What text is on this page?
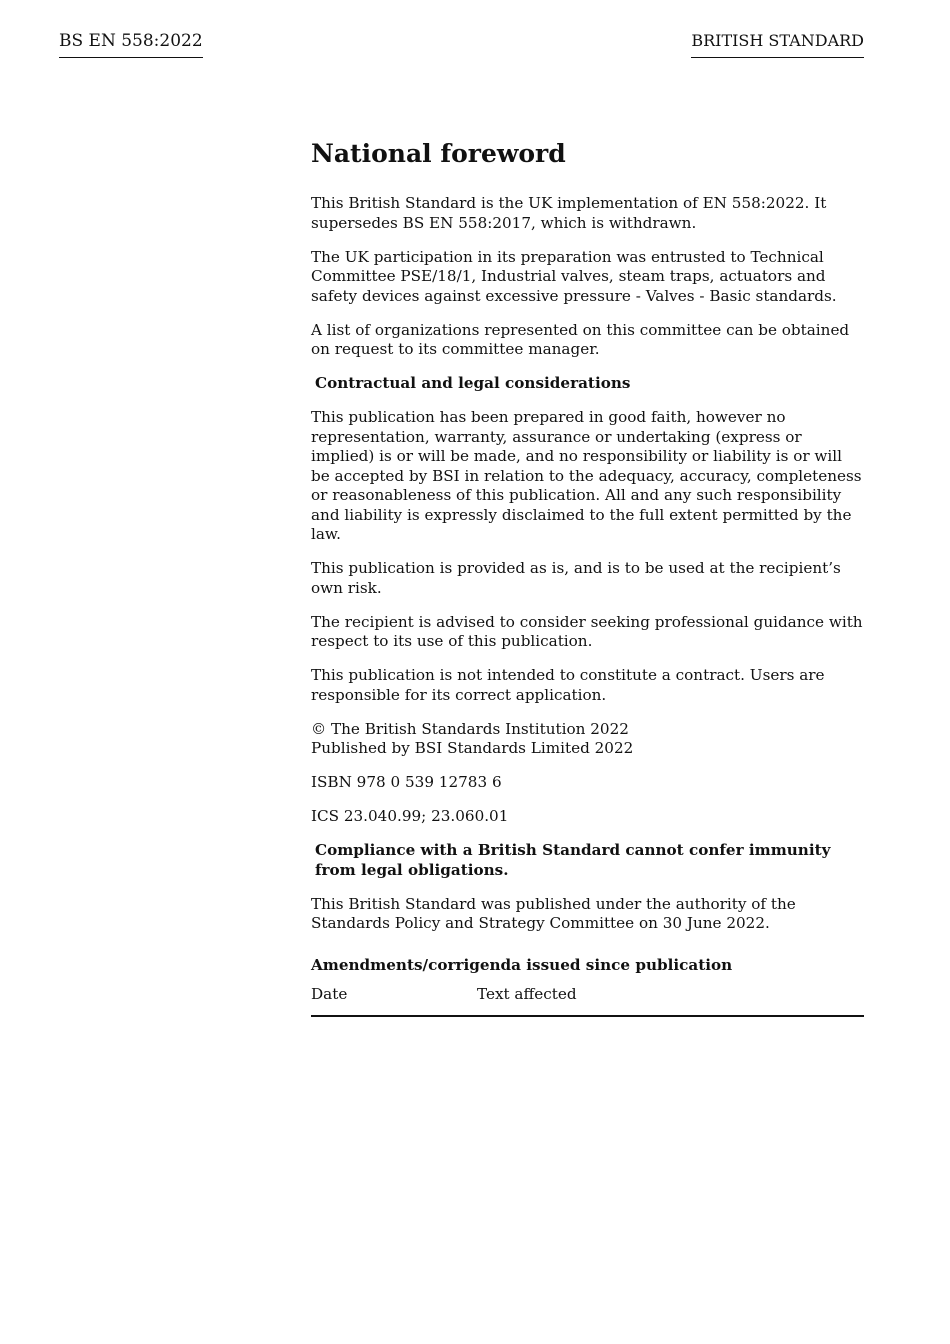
BS EN 558:2022	BRITISH STANDARD
National foreword

This British Standard is the UK implementation of EN 558:2022. It supersedes BS EN 558:2017, which is withdrawn.

The UK participation in its preparation was entrusted to Technical Committee PSE/18/1, Industrial valves, steam traps, actuators and safety devices against excessive pressure - Valves - Basic standards.

A list of organizations represented on this committee can be obtained on request to its committee manager.

Contractual and legal considerations

This publication has been prepared in good faith, however no representation, warranty, assurance or undertaking (express or implied) is or will be made, and no responsibility or liability is or will be accepted by BSI in relation to the adequacy, accuracy, completeness or reasonableness of this publication. All and any such responsibility and liability is expressly disclaimed to the full extent permitted by the law.

This publication is provided as is, and is to be used at the recipient’s own risk.

The recipient is advised to consider seeking professional guidance with respect to its use of this publication.

This publication is not intended to constitute a contract. Users are responsible for its correct application.

© The British Standards Institution 2022
Published by BSI Standards Limited 2022

ISBN 978 0 539 12783 6

ICS 23.040.99; 23.060.01

Compliance with a British Standard cannot confer immunity from legal obligations.

This British Standard was published under the authority of the Standards Policy and Strategy Committee on 30 June 2022.

Amendments/corrigenda issued since publication
Date	Text affected
